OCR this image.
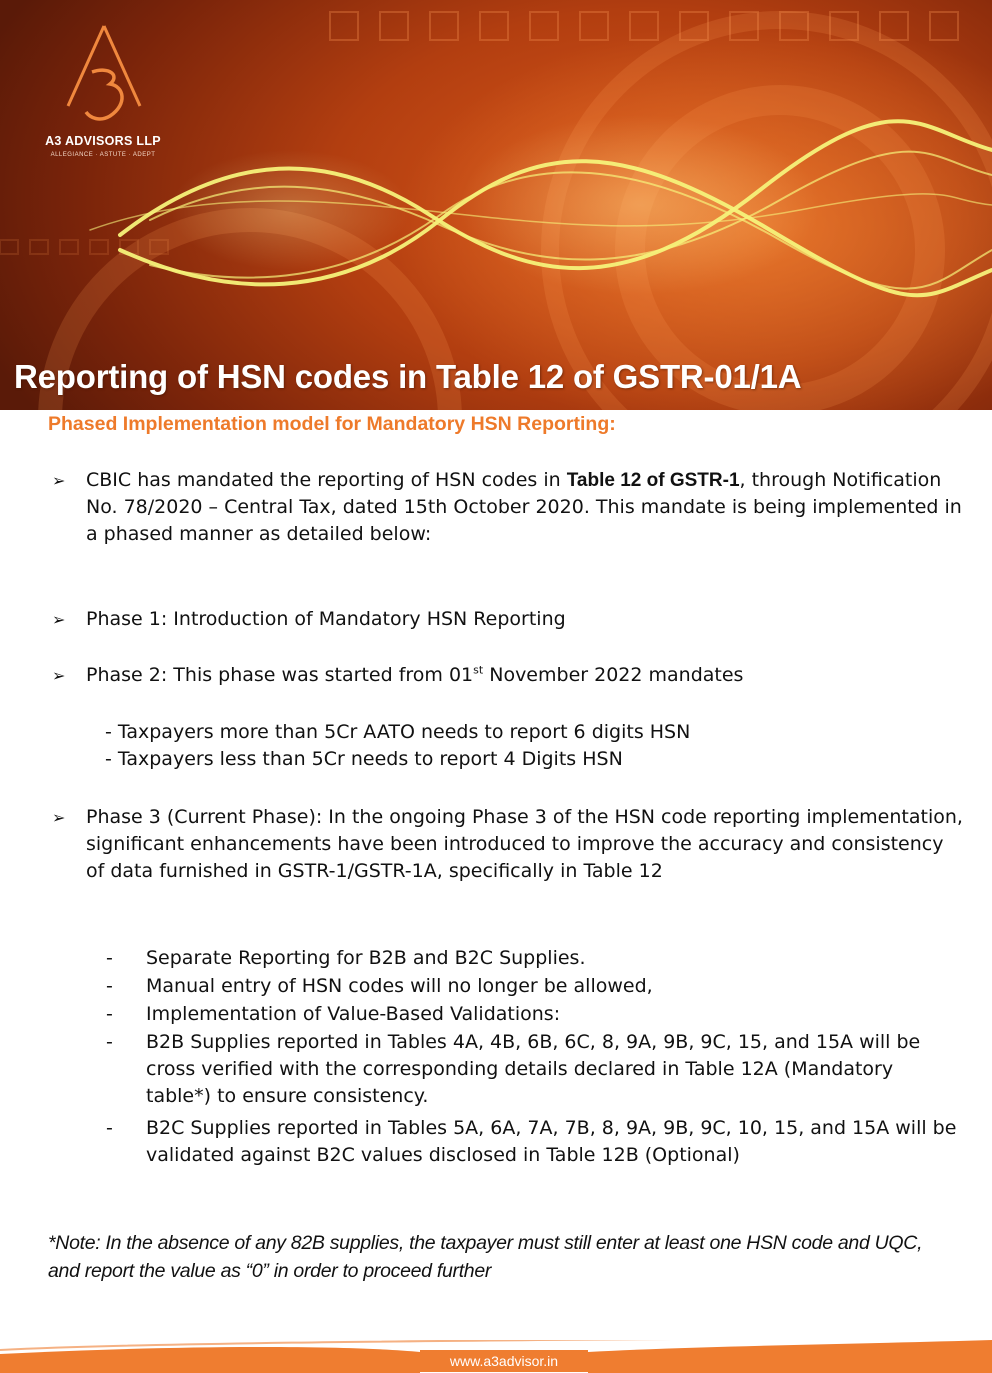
A3 ADVISORS LLP
ALLEGIANCE · ASTUTE · ADEPT
Reporting of HSN codes in Table 12 of GSTR-01/1A
Phased Implementation model for Mandatory HSN Reporting:
➢	CBIC has mandated the reporting of HSN codes in Table 12 of GSTR-1, through Notification No. 78/2020 – Central Tax, dated 15th October 2020. This mandate is being implemented in a phased manner as detailed below:
➢	Phase 1: Introduction of Mandatory HSN Reporting
➢	Phase 2: This phase was started from 01st November 2022 mandates
- Taxpayers more than 5Cr AATO needs to report 6 digits HSN
- Taxpayers less than 5Cr needs to report 4 Digits HSN
➢	Phase 3 (Current Phase): In the ongoing Phase 3 of the HSN code reporting implementation, significant enhancements have been introduced to improve the accuracy and consistency of data furnished in GSTR-1/GSTR-1A, specifically in Table 12
-	Separate Reporting for B2B and B2C Supplies.
-	Manual entry of HSN codes will no longer be allowed,
-	Implementation of Value-Based Validations:
-	B2B Supplies reported in Tables 4A, 4B, 6B, 6C, 8, 9A, 9B, 9C, 15, and 15A will be cross verified with the corresponding details declared in Table 12A (Mandatory table*) to ensure consistency.
-	B2C Supplies reported in Tables 5A, 6A, 7A, 7B, 8, 9A, 9B, 9C, 10, 15, and 15A will be validated against B2C values disclosed in Table 12B (Optional)
*Note: In the absence of any 82B supplies, the taxpayer must still enter at least one HSN code and UQC, and report the value as “0” in order to proceed further
www.a3advisor.in
